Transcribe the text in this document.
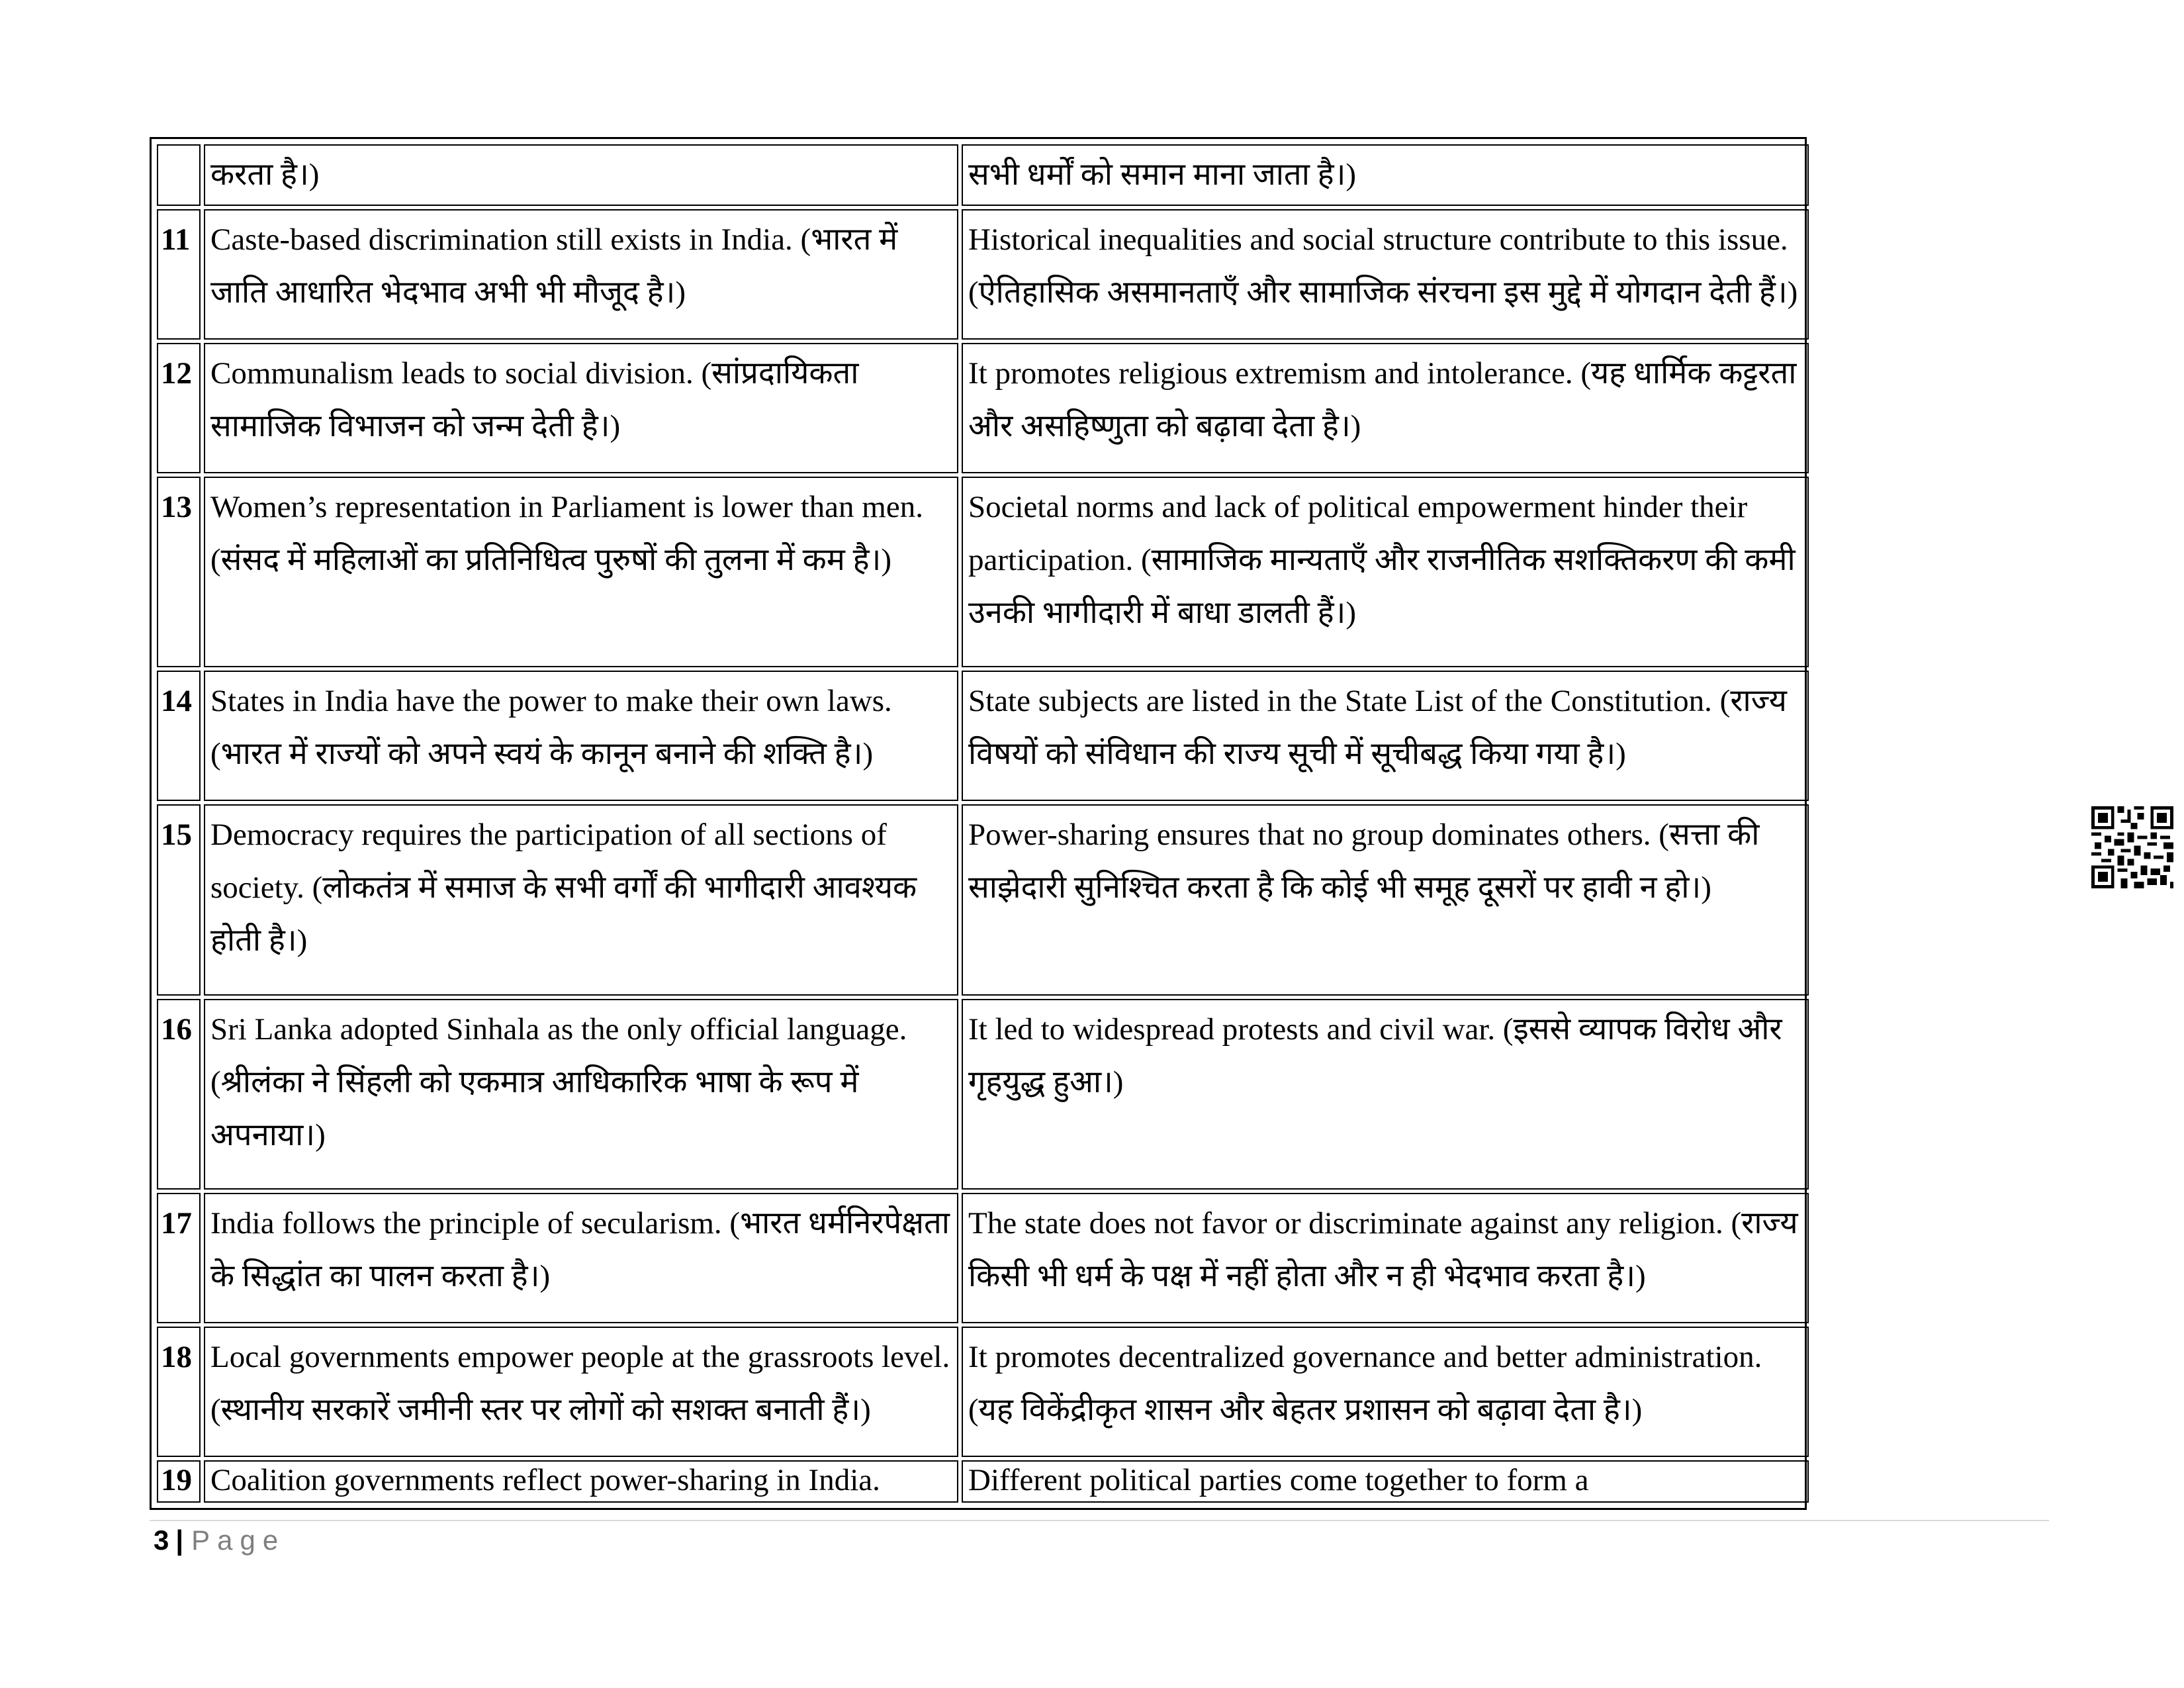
	करता है।)	सभी धर्मों को समान माना जाता है।)
11	Caste-based discrimination still exists in India. (भारत में जाति आधारित भेदभाव अभी भी मौजूद है।)	Historical inequalities and social structure contribute to this issue. (ऐतिहासिक असमानताएँ और सामाजिक संरचना इस मुद्दे में योगदान देती हैं।)
12	Communalism leads to social division. (सांप्रदायिकता सामाजिक विभाजन को जन्म देती है।)	It promotes religious extremism and intolerance. (यह धार्मिक कट्टरता और असहिष्णुता को बढ़ावा देता है।)
13	Women’s representation in Parliament is lower than men. (संसद में महिलाओं का प्रतिनिधित्व पुरुषों की तुलना में कम है।)	Societal norms and lack of political empowerment hinder their participation. (सामाजिक मान्यताएँ और राजनीतिक सशक्तिकरण की कमी उनकी भागीदारी में बाधा डालती हैं।)
14	States in India have the power to make their own laws. (भारत में राज्यों को अपने स्वयं के कानून बनाने की शक्ति है।)	State subjects are listed in the State List of the Constitution. (राज्य विषयों को संविधान की राज्य सूची में सूचीबद्ध किया गया है।)
15	Democracy requires the participation of all sections of society. (लोकतंत्र में समाज के सभी वर्गों की भागीदारी आवश्यक होती है।)	Power-sharing ensures that no group dominates others. (सत्ता की साझेदारी सुनिश्चित करता है कि कोई भी समूह दूसरों पर हावी न हो।)
16	Sri Lanka adopted Sinhala as the only official language. (श्रीलंका ने सिंहली को एकमात्र आधिकारिक भाषा के रूप में अपनाया।)	It led to widespread protests and civil war. (इससे व्यापक विरोध और गृहयुद्ध हुआ।)
17	India follows the principle of secularism. (भारत धर्मनिरपेक्षता के सिद्धांत का पालन करता है।)	The state does not favor or discriminate against any religion. (राज्य किसी भी धर्म के पक्ष में नहीं होता और न ही भेदभाव करता है।)
18	Local governments empower people at the grassroots level. (स्थानीय सरकारें जमीनी स्तर पर लोगों को सशक्त बनाती हैं।)	It promotes decentralized governance and better administration. (यह विकेंद्रीकृत शासन और बेहतर प्रशासन को बढ़ावा देता है।)
19	Coalition governments reflect power-sharing in India.	Different political parties come together to form a
3 | Page
